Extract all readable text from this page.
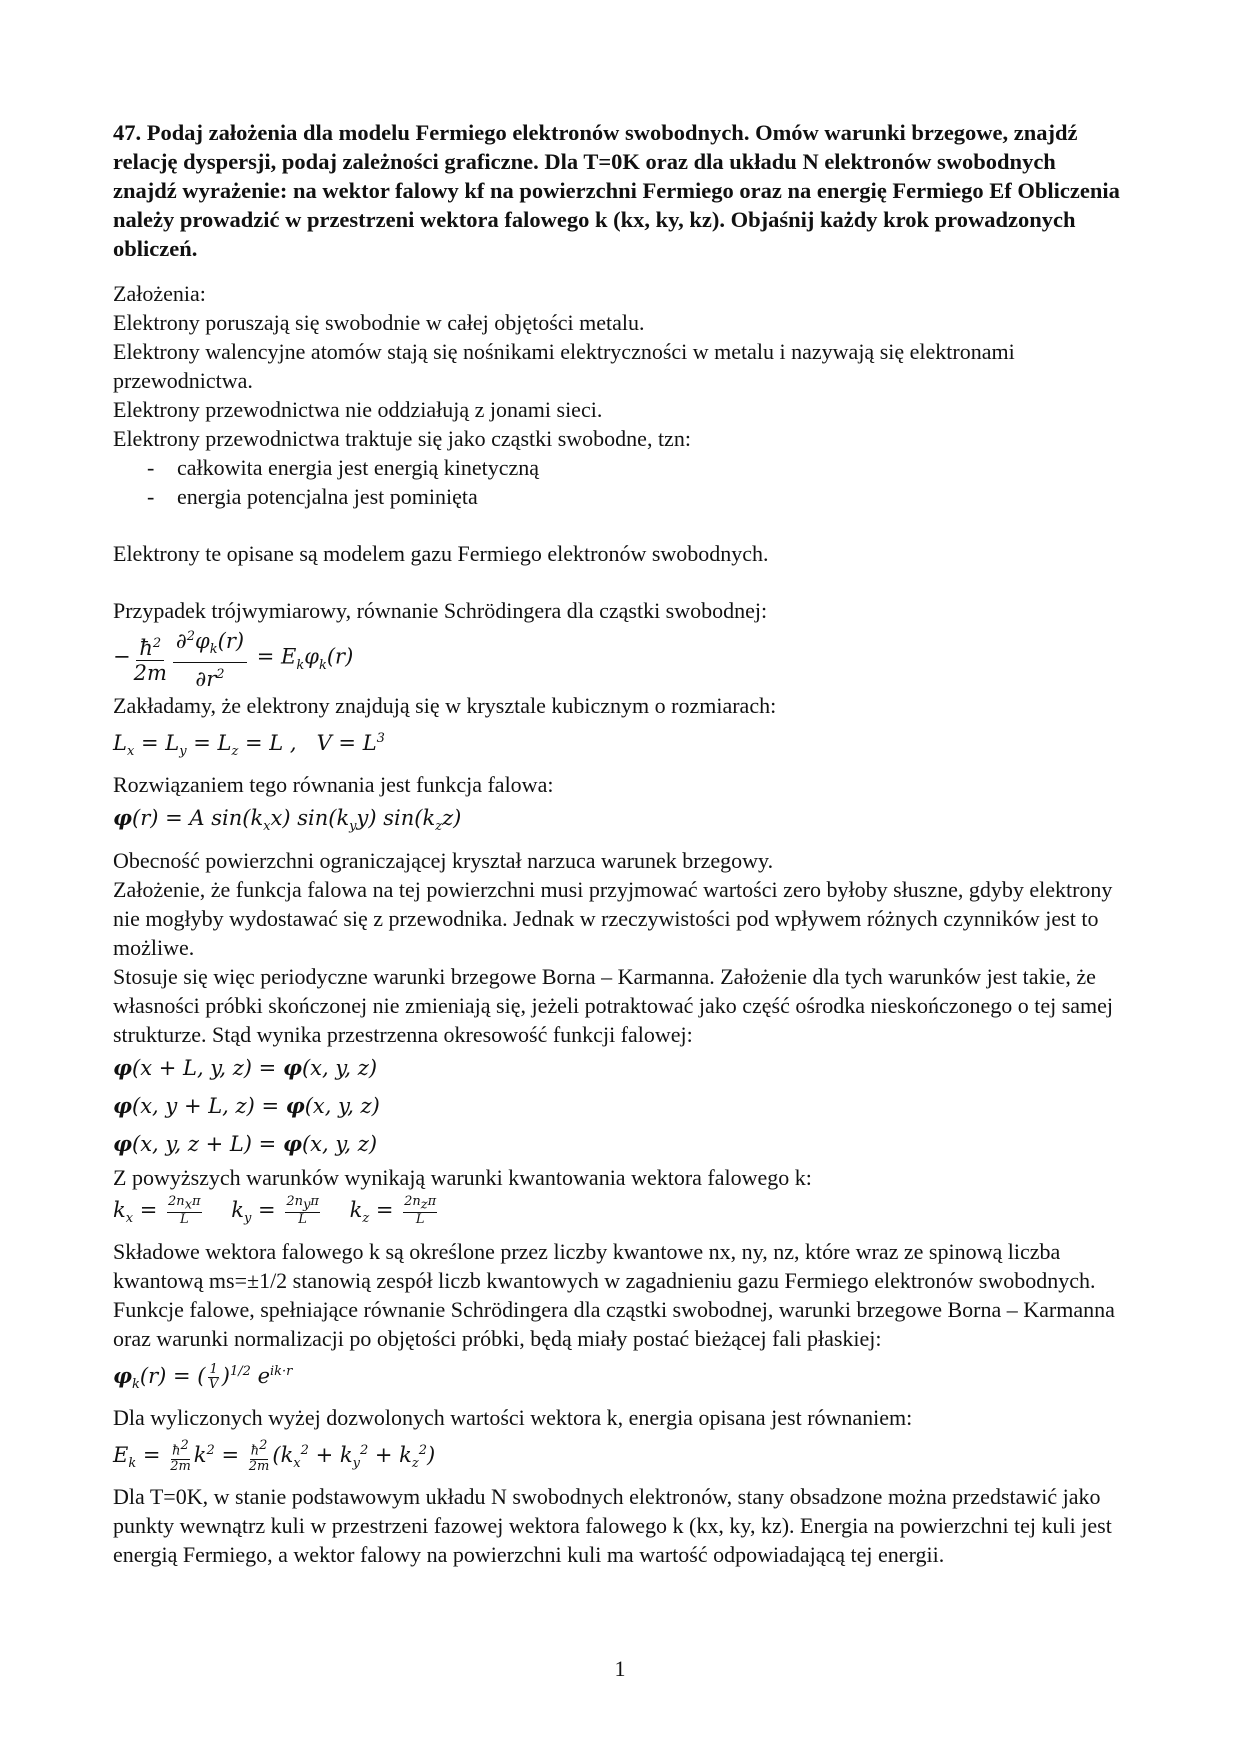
47. Podaj założenia dla modelu Fermiego elektronów swobodnych. Omów warunki brzegowe, znajdź relację dyspersji, podaj zależności graficzne. Dla T=0K oraz dla układu N elektronów swobodnych znajdź wyrażenie: na wektor falowy kf na powierzchni Fermiego oraz na energię Fermiego Ef Obliczenia należy prowadzić w przestrzeni wektora falowego k (kx, ky, kz). Objaśnij każdy krok prowadzonych obliczeń.

Założenia:

Elektrony poruszają się swobodnie w całej objętości metalu.

Elektrony walencyjne atomów stają się nośnikami elektryczności w metalu i nazywają się elektronami przewodnictwa.

Elektrony przewodnictwa nie oddziałują z jonami sieci.

Elektrony przewodnictwa traktuje się jako cząstki swobodne, tzn:

-	całkowita energia jest energią kinetyczną
-	energia potencjalna jest pominięta

Elektrony te opisane są modelem gazu Fermiego elektronów swobodnych.

Przypadek trójwymiarowy, równanie Schrödingera dla cząstki swobodnej:

− $\frac{ħ^2}{2m} \frac{\partial^2\varphi_k(r)}{\partial r^2} = E_k\varphi_k(r)$

Zakładamy, że elektrony znajdują się w krysztale kubicznym o rozmiarach:

$L_x = L_y = L_z = L$ ,   $V = L^3$

Rozwiązaniem tego równania jest funkcja falowa:

φ(r) = A $\sin(k_xx)$ $\sin(k_yy)$ $\sin(k_zz)$

Obecność powierzchni ograniczającej kryształ narzuca warunek brzegowy.

Założenie, że funkcja falowa na tej powierzchni musi przyjmować wartości zero byłoby słuszne, gdyby elektrony nie mogłyby wydostawać się z przewodnika. Jednak w rzeczywistości pod wpływem różnych czynników jest to możliwe.

Stosuje się więc periodyczne warunki brzegowe Borna – Karmanna. Założenie dla tych warunków jest takie, że własności próbki skończonej nie zmieniają się, jeżeli potraktować jako część ośrodka nieskończonego o tej samej strukturze. Stąd wynika przestrzenna okresowość funkcji falowej:

φ(x + L, y, z) = φ(x, y, z)

φ(x, y + L, z) = φ(x, y, z)

φ(x, y, z + L) = φ(x, y, z)

Z powyższych warunków wynikają warunki kwantowania wektora falowego k:

$k_x = \frac{2n_x\pi}{L} k_y = \frac{2n_y\pi}{L} k_z = \frac{2n_z\pi}{L}$

Składowe wektora falowego k są określone przez liczby kwantowe nx, ny, nz, które wraz ze spinową liczba kwantową ms=±1/2 stanowią zespół liczb kwantowych w zagadnieniu gazu Fermiego elektronów swobodnych.

Funkcje falowe, spełniające równanie Schrödingera dla cząstki swobodnej, warunki brzegowe Borna – Karmanna oraz warunki normalizacji po objętości próbki, będą miały postać bieżącej fali płaskiej:

$\varphi_k(r)$ = ( $\frac{1}{V} )^{1/2}$ $e^{ik\cdot r}$

Dla wyliczonych wyżej dozwolonych wartości wektora k, energia opisana jest równaniem:

$E_k = \frac{ħ^2}{2m} k^2 = \frac{ħ^2}{2m} (k_x^2 + k_y^2 + k_z^2)$

Dla T=0K, w stanie podstawowym układu N swobodnych elektronów, stany obsadzone można przedstawić jako punkty wewnątrz kuli w przestrzeni fazowej wektora falowego k (kx, ky, kz). Energia na powierzchni tej kuli jest energią Fermiego, a wektor falowy na powierzchni kuli ma wartość odpowiadającą tej energii.

1
